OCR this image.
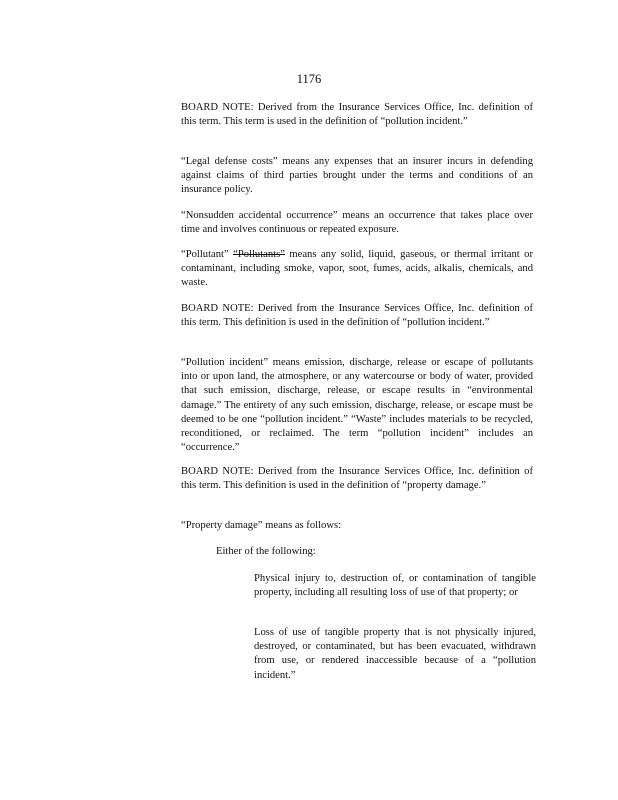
1176

BOARD NOTE: Derived from the Insurance Services Office, Inc. definition of this term. This term is used in the definition of “pollution incident.”

“Legal defense costs” means any expenses that an insurer incurs in defending against claims of third parties brought under the terms and conditions of an insurance policy.

“Nonsudden accidental occurrence” means an occurrence that takes place over time and involves continuous or repeated exposure.

“Pollutant” “Pollutants” means any solid, liquid, gaseous, or thermal irritant or contaminant, including smoke, vapor, soot, fumes, acids, alkalis, chemicals, and waste.

BOARD NOTE: Derived from the Insurance Services Office, Inc. definition of this term. This definition is used in the definition of “pollution incident.”

“Pollution incident” means emission, discharge, release or escape of pollutants into or upon land, the atmosphere, or any watercourse or body of water, provided that such emission, discharge, release, or escape results in “environmental damage.” The entirety of any such emission, discharge, release, or escape must be deemed to be one “pollution incident.” “Waste” includes materials to be recycled, reconditioned, or reclaimed. The term “pollution incident” includes an “occurrence.”

BOARD NOTE: Derived from the Insurance Services Office, Inc. definition of this term. This definition is used in the definition of “property damage.”

“Property damage” means as follows:

Either of the following:

Physical injury to, destruction of, or contamination of tangible property, including all resulting loss of use of that property; or

Loss of use of tangible property that is not physically injured, destroyed, or contaminated, but has been evacuated, withdrawn from use, or rendered inaccessible because of a “pollution incident.”
